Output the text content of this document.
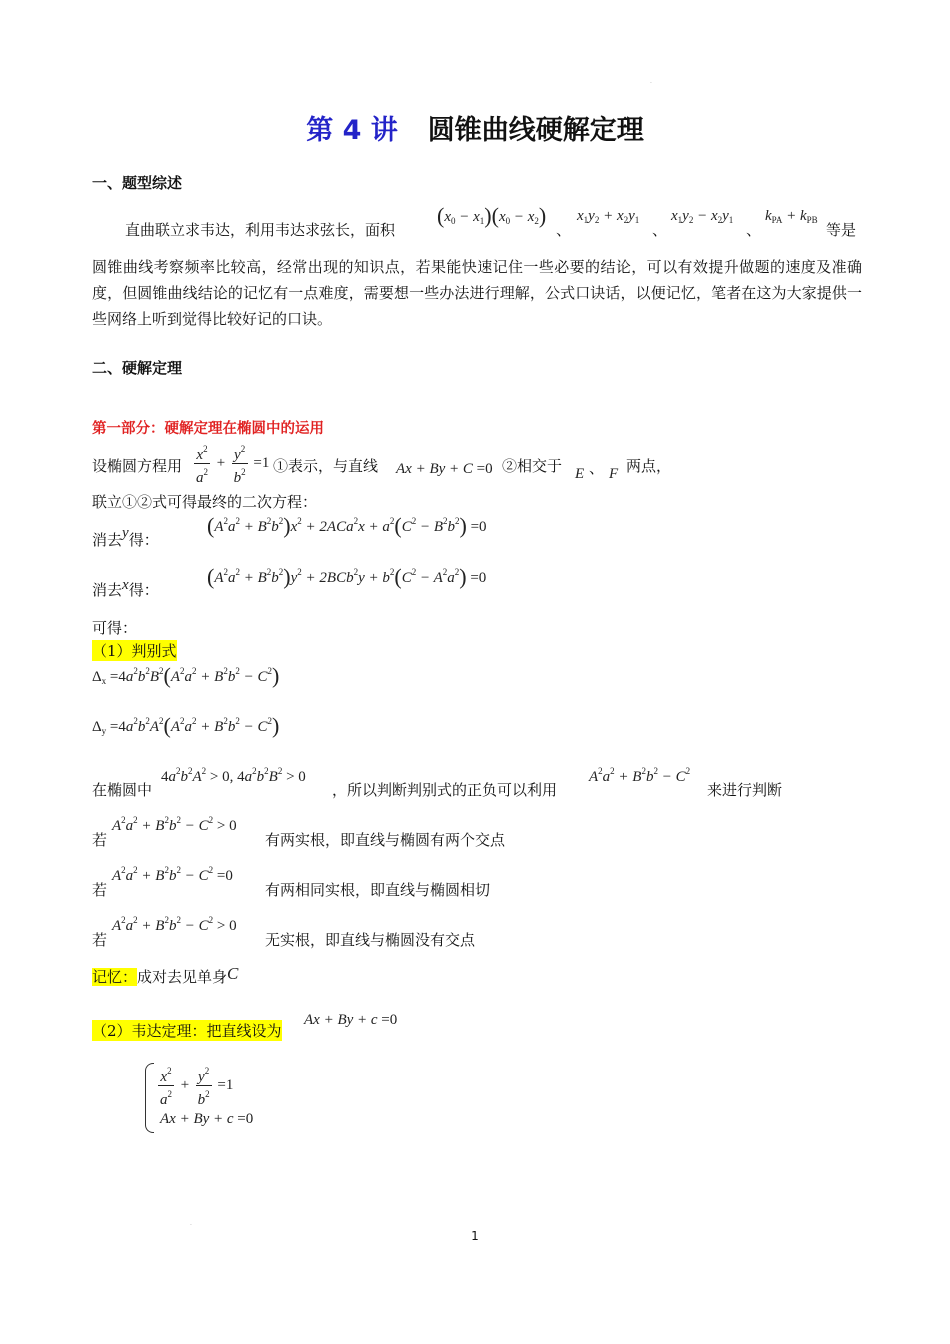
.
第 4 讲 圆锥曲线硬解定理
一、题型综述
直曲联立求韦达，利用韦达求弦长，面积
$(x_0 - x_1)(x_0 - x_2)$
、
$x_1y_2 + x_2y_1$
、
$x_1y_2 - x_2y_1$
、
$k_{PA} + k_{PB}$
等是
圆锥曲线考察频率比较高，经常出现的知识点，若果能快速记住一些必要的结论，可以有效提升做题的速度及准确度，但圆锥曲线结论的记忆有一点难度，需要想一些办法进行理解，公式口诀话，以便记忆，笔者在这为大家提供一些网络上听到觉得比较好记的口诀。
二、硬解定理
第一部分：硬解定理在椭圆中的运用
设椭圆方程用 $\frac{x^2}{a^2} + \frac{y^2}{b^2} =1$ ①表示，与直线 Ax + By + C =0 ②相交于 E 、 F 两点，
联立①②式可得最终的二次方程：
消去y得：
$(A^2a^2 + B^2b^2)x^2 + 2ACa^2x + a^2(C^2 - B^2b^2) =0$
消去x得：
$(A^2a^2 + B^2b^2)y^2 + 2BCb^2y + b^2(C^2 - A^2a^2) =0$
可得：
（1）判别式
$\Delta_x =4a^2b^2B^2(A^2a^2 + B^2b^2 - C^2)$
$\Delta_y =4a^2b^2A^2(A^2a^2 + B^2b^2 - C^2)$
在椭圆中
$4a^2b^2A^2 > 0$, $4a^2b^2B^2 > 0$
，所以判断判别式的正负可以利用
$A^2a^2 + B^2b^2 - C^2$
来进行判断
若
$A^2a^2 + B^2b^2 - C^2 > 0$
有两实根，即直线与椭圆有两个交点
若
$A^2a^2 + B^2b^2 - C^2 =0$
有两相同实根，即直线与椭圆相切
若
$A^2a^2 + B^2b^2 - C^2 > 0$
无实根，即直线与椭圆没有交点
记忆：成对去见单身C
（2）韦达定理：把直线设为
Ax + By + c =0
$\frac{x^2}{a^2} + \frac{y^2}{b^2} =1$
Ax + By + c =0
.
1
